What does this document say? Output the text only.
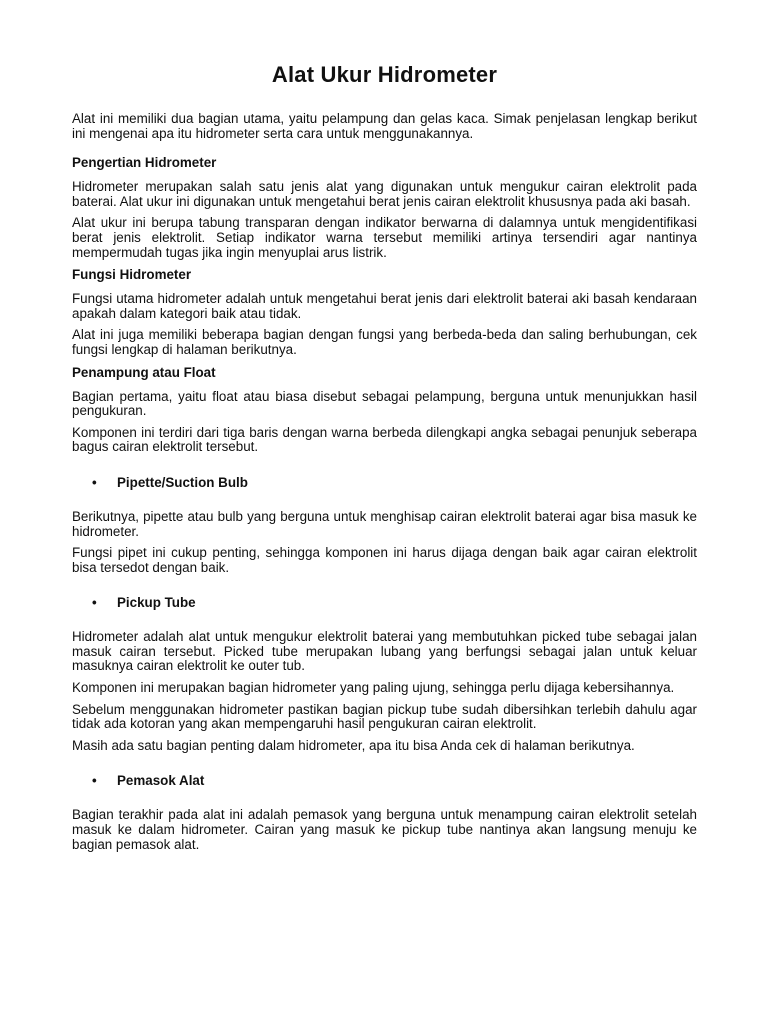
Alat Ukur Hidrometer

Alat ini memiliki dua bagian utama, yaitu pelampung dan gelas kaca. Simak penjelasan lengkap berikut ini mengenai apa itu hidrometer serta cara untuk menggunakannya.

Pengertian Hidrometer

Hidrometer merupakan salah satu jenis alat yang digunakan untuk mengukur cairan elektrolit pada baterai. Alat ukur ini digunakan untuk mengetahui berat jenis cairan elektrolit khususnya pada aki basah.

Alat ukur ini berupa tabung transparan dengan indikator berwarna di dalamnya untuk mengidentifikasi berat jenis elektrolit. Setiap indikator warna tersebut memiliki artinya tersendiri agar nantinya mempermudah tugas jika ingin menyuplai arus listrik.

Fungsi Hidrometer

Fungsi utama hidrometer adalah untuk mengetahui berat jenis dari elektrolit baterai aki basah kendaraan apakah dalam kategori baik atau tidak.

Alat ini juga memiliki beberapa bagian dengan fungsi yang berbeda-beda dan saling berhubungan, cek fungsi lengkap di halaman berikutnya.

Penampung atau Float

Bagian pertama, yaitu float atau biasa disebut sebagai pelampung, berguna untuk menunjukkan hasil pengukuran.

Komponen ini terdiri dari tiga baris dengan warna berbeda dilengkapi angka sebagai penunjuk seberapa bagus cairan elektrolit tersebut.

• Pipette/Suction Bulb

Berikutnya, pipette atau bulb yang berguna untuk menghisap cairan elektrolit baterai agar bisa masuk ke hidrometer.

Fungsi pipet ini cukup penting, sehingga komponen ini harus dijaga dengan baik agar cairan elektrolit bisa tersedot dengan baik.

• Pickup Tube

Hidrometer adalah alat untuk mengukur elektrolit baterai yang membutuhkan picked tube sebagai jalan masuk cairan tersebut. Picked tube merupakan lubang yang berfungsi sebagai jalan untuk keluar masuknya cairan elektrolit ke outer tub.

Komponen ini merupakan bagian hidrometer yang paling ujung, sehingga perlu dijaga kebersihannya.

Sebelum menggunakan hidrometer pastikan bagian pickup tube sudah dibersihkan terlebih dahulu agar tidak ada kotoran yang akan mempengaruhi hasil pengukuran cairan elektrolit.

Masih ada satu bagian penting dalam hidrometer, apa itu bisa Anda cek di halaman berikutnya.

• Pemasok Alat

Bagian terakhir pada alat ini adalah pemasok yang berguna untuk menampung cairan elektrolit setelah masuk ke dalam hidrometer. Cairan yang masuk ke pickup tube nantinya akan langsung menuju ke bagian pemasok alat.
